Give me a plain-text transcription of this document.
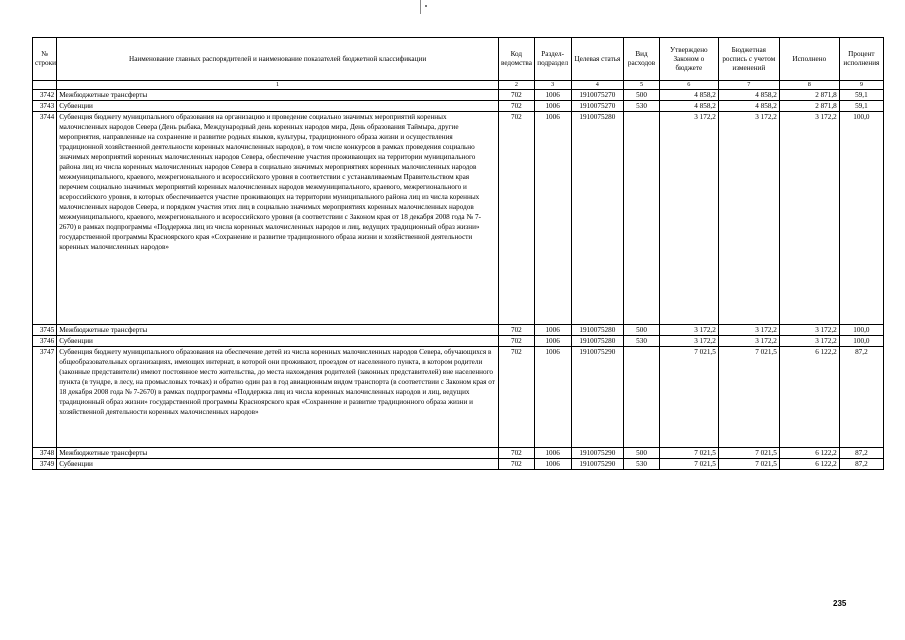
№ строки	Наименование главных распорядителей и наименование показателей бюджетной классификации	Код ведомства	Раздел-подраздел	Целевая статья	Вид расходов	Утверждено Законом о бюджете	Бюджетная роспись с учетом изменений	Исполнено	Процент исполнения
	1	2	3	4	5	6	7	8	9
3742	Межбюджетные трансферты	702	1006	1910075270	500	4 858,2	4 858,2	2 871,8	59,1
3743	Субвенции	702	1006	1910075270	530	4 858,2	4 858,2	2 871,8	59,1
3744	Субвенция бюджету муниципального образования на организацию и проведение социально значимых мероприятий коренных малочисленных народов Севера (День рыбака, Международный день коренных народов мира, День образования Таймыра, другие мероприятия, направленные на сохранение и развитие родных языков, культуры, традиционного образа жизни и осуществления традиционной хозяйственной деятельности коренных малочисленных народов), в том числе конкурсов в рамках проведения социально значимых мероприятий коренных малочисленных народов Севера, обеспечение участия проживающих на территории муниципального района лиц из числа коренных малочисленных народов Севера в социально значимых мероприятиях коренных малочисленных народов межмуниципального, краевого, межрегионального и всероссийского уровня в соответствии с устанавливаемым Правительством края перечнем социально значимых мероприятий коренных малочисленных народов межмуниципального, краевого, межрегионального и всероссийского уровня, в которых обеспечивается участие проживающих на территории муниципального района лиц из числа коренных малочисленных народов Севера, и порядком участия этих лиц в социально значимых мероприятиях коренных малочисленных народов межмуниципального, краевого, межрегионального и всероссийского уровня (в соответствии с Законом края от 18 декабря 2008 года № 7-2670) в рамках подпрограммы «Поддержка лиц из числа коренных малочисленных народов и лиц, ведущих традиционный образ жизни» государственной программы Красноярского края «Сохранение и развитие традиционного образа жизни и хозяйственной деятельности коренных малочисленных народов»	702	1006	1910075280		3 172,2	3 172,2	3 172,2	100,0
3745	Межбюджетные трансферты	702	1006	1910075280	500	3 172,2	3 172,2	3 172,2	100,0
3746	Субвенции	702	1006	1910075280	530	3 172,2	3 172,2	3 172,2	100,0
3747	Субвенция бюджету муниципального образования на обеспечение детей из числа коренных малочисленных народов Севера, обучающихся в общеобразовательных организациях, имеющих интернат, в которой они проживают, проездом от населенного пункта, в котором родители (законные представители) имеют постоянное место жительства, до места нахождения родителей (законных представителей) вне населенного пункта (в тундре, в лесу, на промысловых точках) и обратно один раз в год авиационным видом транспорта (в соответствии с Законом края от 18 декабря 2008 года № 7-2670) в рамках подпрограммы «Поддержка лиц из числа коренных малочисленных народов и лиц, ведущих традиционный образ жизни» государственной программы Красноярского края «Сохранение и развитие традиционного образа жизни и хозяйственной деятельности коренных малочисленных народов»	702	1006	1910075290		7 021,5	7 021,5	6 122,2	87,2
3748	Межбюджетные трансферты	702	1006	1910075290	500	7 021,5	7 021,5	6 122,2	87,2
3749	Субвенции	702	1006	1910075290	530	7 021,5	7 021,5	6 122,2	87,2
235
